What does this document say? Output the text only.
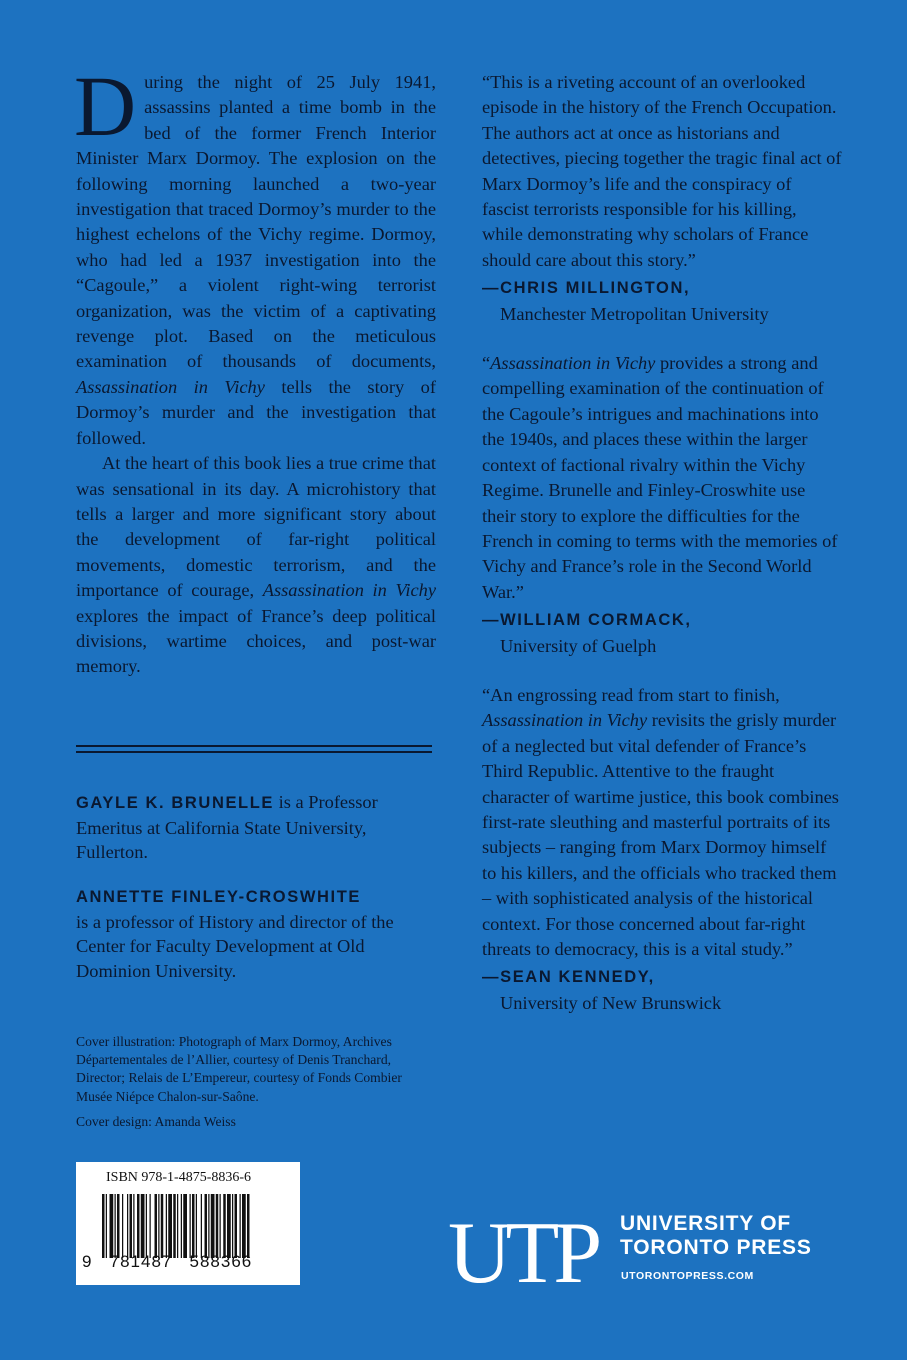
During the night of 25 July 1941, assassins planted a time bomb in the bed of the former French Interior Minister Marx Dormoy. The explosion on the following morning launched a two-year investigation that traced Dormoy’s murder to the highest echelons of the Vichy regime. Dormoy, who had led a 1937 investigation into the “Cagoule,” a violent right-wing terrorist organization, was the victim of a captivating revenge plot. Based on the meticulous examination of thousands of documents, Assassination in Vichy tells the story of Dormoy’s murder and the investigation that followed.

At the heart of this book lies a true crime that was sensational in its day. A microhistory that tells a larger and more significant story about the development of far-right political movements, domestic terrorism, and the importance of courage, Assassination in Vichy explores the impact of France’s deep political divisions, wartime choices, and post-war memory.

GAYLE K. BRUNELLE is a Professor Emeritus at California State University, Fullerton.
ANNETTE FINLEY-CROSWHITE
is a professor of History and director of the Center for Faculty Development at Old Dominion University.

Cover illustration: Photograph of Marx Dormoy, Archives Départementales de l’Allier, courtesy of Denis Tranchard, Director; Relais de L’Empereur, courtesy of Fonds Combier Musée Niépce Chalon-sur-Saône.

Cover design: Amanda Weiss

ISBN 978-1-4875-8836-6
9   781487   588366

“This is a riveting account of an overlooked episode in the history of the French Occupation. The authors act at once as historians and detectives, piecing together the tragic final act of Marx Dormoy’s life and the conspiracy of fascist terrorists responsible for his killing, while demonstrating why scholars of France should care about this story.”

—CHRIS MILLINGTON,
Manchester Metropolitan University

“Assassination in Vichy provides a strong and compelling examination of the continuation of the Cagoule’s intrigues and machinations into the 1940s, and places these within the larger context of factional rivalry within the Vichy Regime. Brunelle and Finley-Croswhite use their story to explore the difficulties for the French in coming to terms with the memories of Vichy and France’s role in the Second World War.”

—WILLIAM CORMACK,
University of Guelph

“An engrossing read from start to finish, Assassination in Vichy revisits the grisly murder of a neglected but vital defender of France’s Third Republic. Attentive to the fraught character of wartime justice, this book combines first-rate sleuthing and masterful portraits of its subjects – ranging from Marx Dormoy himself to his killers, and the officials who tracked them – with sophisticated analysis of the historical context. For those concerned about far-right threats to democracy, this is a vital study.”

—SEAN KENNEDY,
University of New Brunswick
UTP UNIVERSITY OF
TORONTO PRESS
UTORONTOPRESS.COM
